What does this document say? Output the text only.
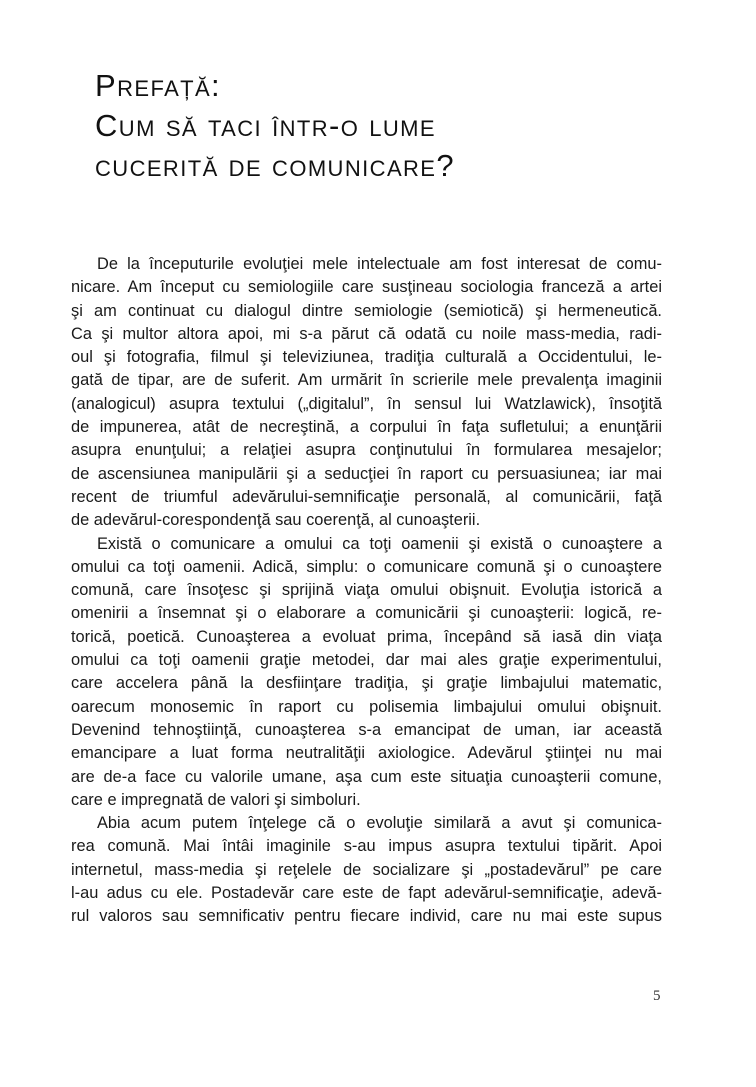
Prefață:
Cum să taci într-o lume
cucerită de comunicare?

De la începuturile evoluţiei mele intelectuale am fost interesat de comu-
nicare. Am început cu semiologiile care susţineau sociologia franceză a artei
şi am continuat cu dialogul dintre semiologie (semiotică) şi hermeneutică.
Ca şi multor altora apoi, mi s-a părut că odată cu noile mass-media, radi-
oul şi fotografia, filmul şi televiziunea, tradiţia culturală a Occidentului, le-
gată de tipar, are de suferit. Am urmărit în scrierile mele prevalenţa imaginii
(analogicul) asupra textului („digitalul”, în sensul lui Watzlawick), însoţită
de impunerea, atât de necreştină, a corpului în faţa sufletului; a enunţării
asupra enunţului; a relaţiei asupra conţinutului în formularea mesajelor;
de ascensiunea manipulării şi a seducţiei în raport cu persuasiunea; iar mai
recent de triumful adevărului-semnificaţie personală, al comunicării, faţă
de adevărul-corespondenţă sau coerenţă, al cunoaşterii.

Există o comunicare a omului ca toţi oamenii şi există o cunoaştere a
omului ca toţi oamenii. Adică, simplu: o comunicare comună şi o cunoaştere
comună, care însoţesc şi sprijină viaţa omului obişnuit. Evoluţia istorică a
omenirii a însemnat şi o elaborare a comunicării şi cunoaşterii: logică, re-
torică, poetică. Cunoaşterea a evoluat prima, începând să iasă din viaţa
omului ca toţi oamenii graţie metodei, dar mai ales graţie experimentului,
care accelera până la desfiinţare tradiţia, şi graţie limbajului matematic,
oarecum monosemic în raport cu polisemia limbajului omului obişnuit.
Devenind tehnoştiinţă, cunoaşterea s-a emancipat de uman, iar această
emancipare a luat forma neutralităţii axiologice. Adevărul ştiinţei nu mai
are de-a face cu valorile umane, aşa cum este situaţia cunoaşterii comune,
care e impregnată de valori şi simboluri.

Abia acum putem înţelege că o evoluţie similară a avut şi comunica-
rea comună. Mai întâi imaginile s-au impus asupra textului tipărit. Apoi
internetul, mass-media şi reţelele de socializare şi „postadevărul” pe care
l-au adus cu ele. Postadevăr care este de fapt adevărul-semnificaţie, adevă-
rul valoros sau semnificativ pentru fiecare individ, care nu mai este supus

5
